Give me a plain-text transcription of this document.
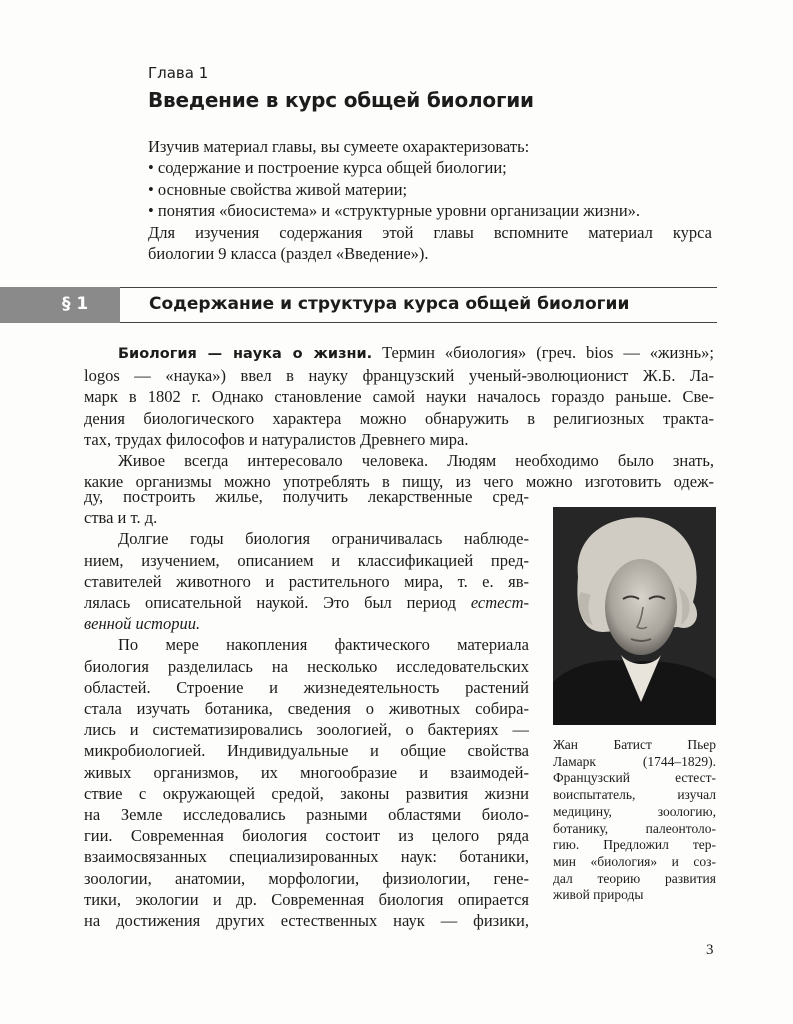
Глава 1
Введение в курс общей биологии
Изучив материал главы, вы сумеете охарактеризовать:
• содержание и построение курса общей биологии;
• основные свойства живой материи;
• понятия «биосистема» и «структурные уровни организации жизни».
Для изучения содержания этой главы вспомните материал курса
биологии 9 класса (раздел «Введение»).
§ 1	Содержание и структура курса общей биологии
Биология — наука о жизни. Термин «биология» (греч. bios — «жизнь»;
logos — «наука») ввел в науку французский ученый-эволюционист Ж.Б. Ла-
марк в 1802 г. Однако становление самой науки началось гораздо раньше. Све-
дения биологического характера можно обнаружить в религиозных тракта-
тах, трудах философов и натуралистов Древнего мира.
Живое всегда интересовало человека. Людям необходимо было знать,
какие организмы можно употреблять в пищу, из чего можно изготовить одеж-
ду, построить жилье, получить лекарственные сред-
ства и т. д.
Долгие годы биология ограничивалась наблюде-
нием, изучением, описанием и классификацией пред-
ставителей животного и растительного мира, т. е. яв-
лялась описательной наукой. Это был период естест-
венной истории.
По мере накопления фактического материала
биология разделилась на несколько исследовательских
областей. Строение и жизнедеятельность растений
стала изучать ботаника, сведения о животных собира-
лись и систематизировались зоологией, о бактериях —
микробиологией. Индивидуальные и общие свойства
живых организмов, их многообразие и взаимодей-
ствие с окружающей средой, законы развития жизни
на Земле исследовались разными областями биоло-
гии. Современная биология состоит из целого ряда
взаимосвязанных специализированных наук: ботаники,
зоологии, анатомии, морфологии, физиологии, гене-
тики, экологии и др. Современная биология опирается
на достижения других естественных наук — физики,
Жан Батист Пьер
Ламарк (1744–1829).
Французский естест-
воиспытатель, изучал
медицину, зоологию,
ботанику, палеонтоло-
гию. Предложил тер-
мин «биология» и соз-
дал теорию развития
живой природы
3
